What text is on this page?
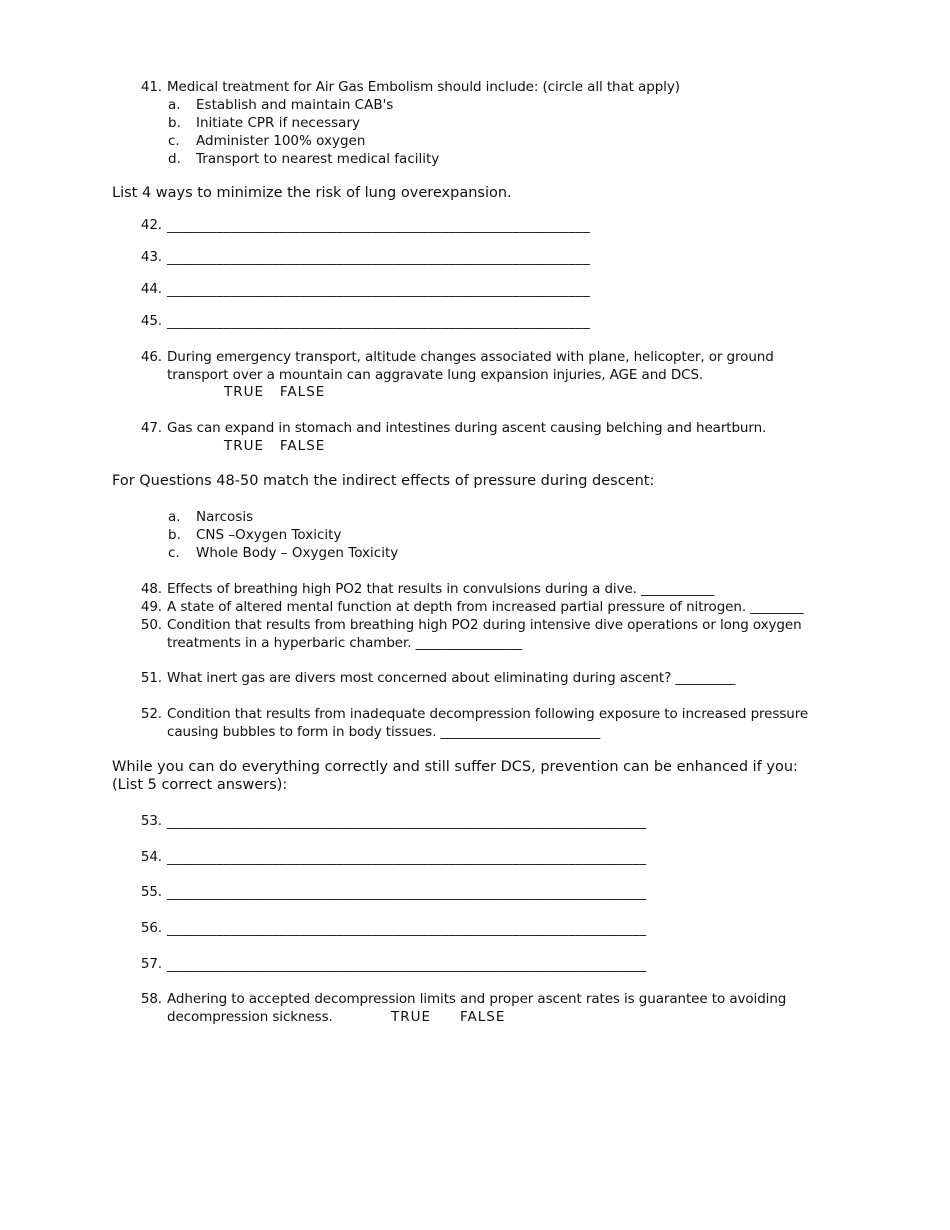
41. Medical treatment for Air Gas Embolism should include: (circle all that apply)
a.	Establish and maintain CAB's
b.	Initiate CPR if necessary
c.	Administer 100% oxygen
d.	Transport to nearest medical facility
List 4 ways to minimize the risk of lung overexpansion.
42. ____________________________________________________________
43. ____________________________________________________________
44. ____________________________________________________________
45. ____________________________________________________________
46. During emergency transport, altitude changes associated with plane, helicopter, or ground
transport over a mountain can aggravate lung expansion injuries, AGE and DCS.
TRUE   FALSE
47. Gas can expand in stomach and intestines during ascent causing belching and heartburn.
TRUE   FALSE
For Questions 48-50 match the indirect effects of pressure during descent:
a.	Narcosis
b.	CNS –Oxygen Toxicity
c.	Whole Body – Oxygen Toxicity
48. Effects of breathing high PO2 that results in convulsions during a dive. ___________
49. A state of altered mental function at depth from increased partial pressure of nitrogen. ________
50. Condition that results from breathing high PO2 during intensive dive operations or long oxygen
treatments in a hyperbaric chamber. ________________
51. What inert gas are divers most concerned about eliminating during ascent? _________
52. Condition that results from inadequate decompression following exposure to increased pressure
causing bubbles to form in body tissues. ________________________
While you can do everything correctly and still suffer DCS, prevention can be enhanced if you:
(List 5 correct answers):
53. ____________________________________________________________________
54. ____________________________________________________________________
55. ____________________________________________________________________
56. ____________________________________________________________________
57. ____________________________________________________________________
58. Adhering to accepted decompression limits and proper ascent rates is guarantee to avoiding
decompression sickness.	TRUE FALSE
